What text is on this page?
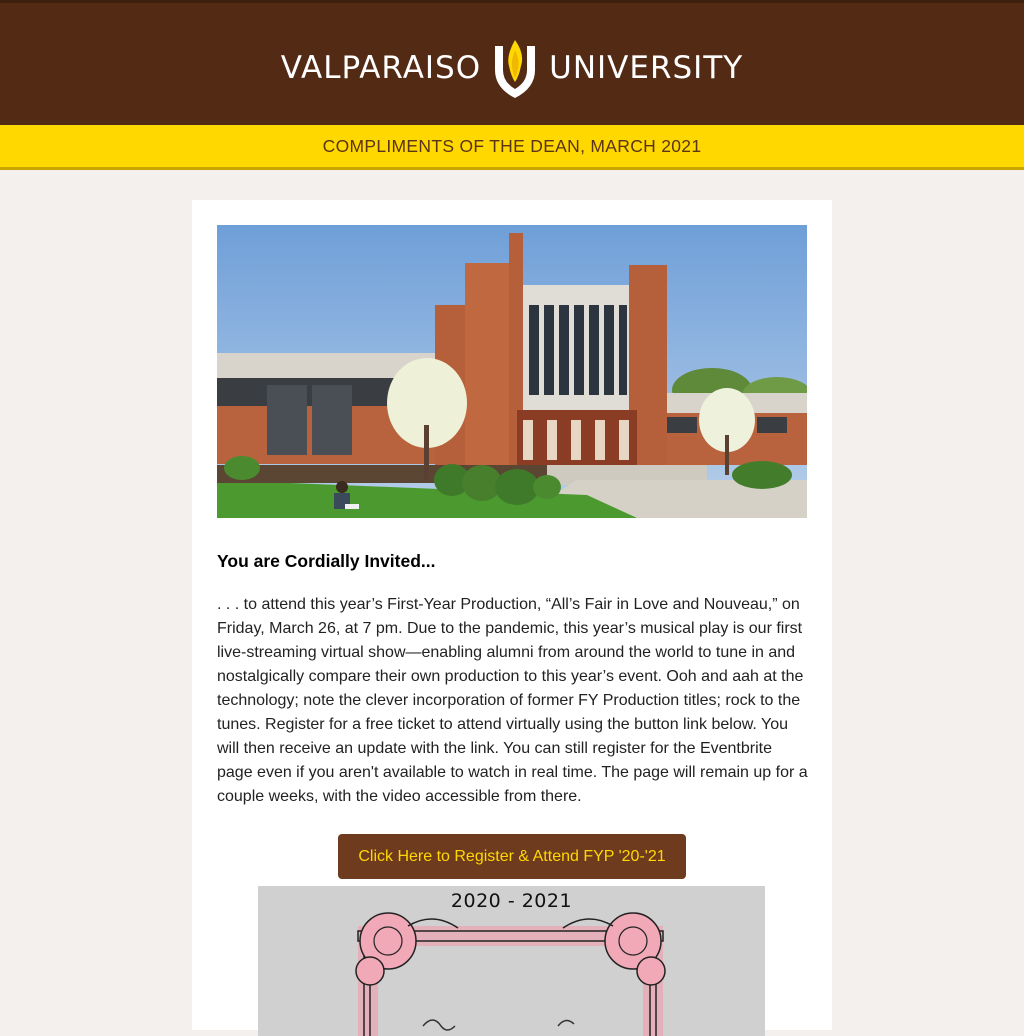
VALPARAISO UNIVERSITY
COMPLIMENTS OF THE DEAN, MARCH 2021
You are Cordially Invited...

. . . to attend this year’s First-Year Production, “All’s Fair in Love and Nouveau,” on Friday, March 26, at 7 pm. Due to the pandemic, this year’s musical play is our first live-streaming virtual show—enabling alumni from around the world to tune in and nostalgically compare their own production to this year’s event. Ooh and aah at the technology; note the clever incorporation of former FY Production titles; rock to the tunes. Register for a free ticket to attend virtually using the button link below. You will then receive an update with the link. You can still register for the Eventbrite page even if you aren't available to watch in real time. The page will remain up for a couple weeks, with the video accessible from there.

Click Here to Register & Attend FYP '20-'21
2020 - 2021
